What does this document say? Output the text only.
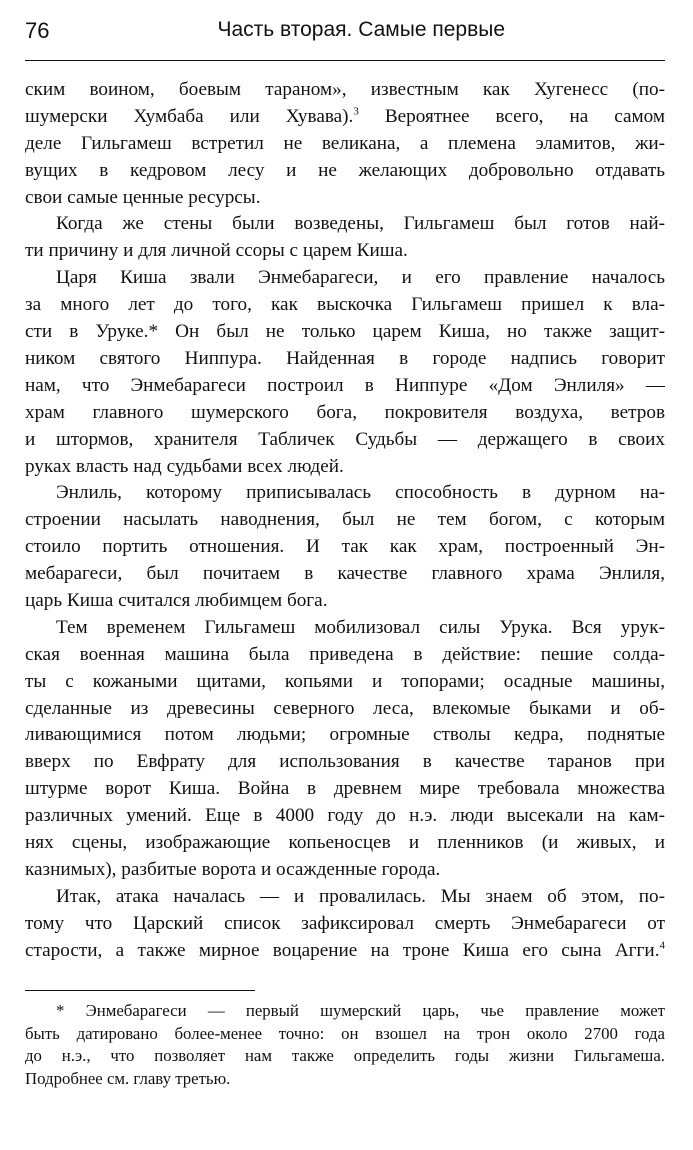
76	Часть вторая. Самые первые
ским воином, боевым тараном», известным как Хугенесс (по-
шумерски Хумбаба или Хувава).$^3$ Вероятнее всего, на самом
деле Гильгамеш встретил не великана, а племена эламитов, жи-
вущих в кедровом лесу и не желающих добровольно отдавать
свои самые ценные ресурсы.
Когда же стены были возведены, Гильгамеш был готов най-
ти причину и для личной ссоры с царем Киша.
Царя Киша звали Энмебарагеси, и его правление началось
за много лет до того, как выскочка Гильгамеш пришел к вла-
сти в Уруке.* Он был не только царем Киша, но также защит-
ником святого Ниппура. Найденная в городе надпись говорит
нам, что Энмебарагеси построил в Ниппуре «Дом Энлиля» —
храм главного шумерского бога, покровителя воздуха, ветров
и штормов, хранителя Табличек Судьбы — держащего в своих
руках власть над судьбами всех людей.
Энлиль, которому приписывалась способность в дурном на-
строении насылать наводнения, был не тем богом, с которым
стоило портить отношения. И так как храм, построенный Эн-
мебарагеси, был почитаем в качестве главного храма Энлиля,
царь Киша считался любимцем бога.
Тем временем Гильгамеш мобилизовал силы Урука. Вся урук-
ская военная машина была приведена в действие: пешие солда-
ты с кожаными щитами, копьями и топорами; осадные машины,
сделанные из древесины северного леса, влекомые быками и об-
ливающимися потом людьми; огромные стволы кедра, поднятые
вверх по Евфрату для использования в качестве таранов при
штурме ворот Киша. Война в древнем мире требовала множества
различных умений. Еще в 4000 году до н.э. люди высекали на кам-
нях сцены, изображающие копьеносцев и пленников (и живых, и
казнимых), разбитые ворота и осажденные города.
Итак, атака началась — и провалилась. Мы знаем об этом, по-
тому что Царский список зафиксировал смерть Энмебарагеси от
старости, а также мирное воцарение на троне Киша его сына Агги.$^4$
* Энмебарагеси — первый шумерский царь, чье правление может
быть датировано более-менее точно: он взошел на трон около 2700 года
до н.э., что позволяет нам также определить годы жизни Гильгамеша.
Подробнее см. главу третью.
